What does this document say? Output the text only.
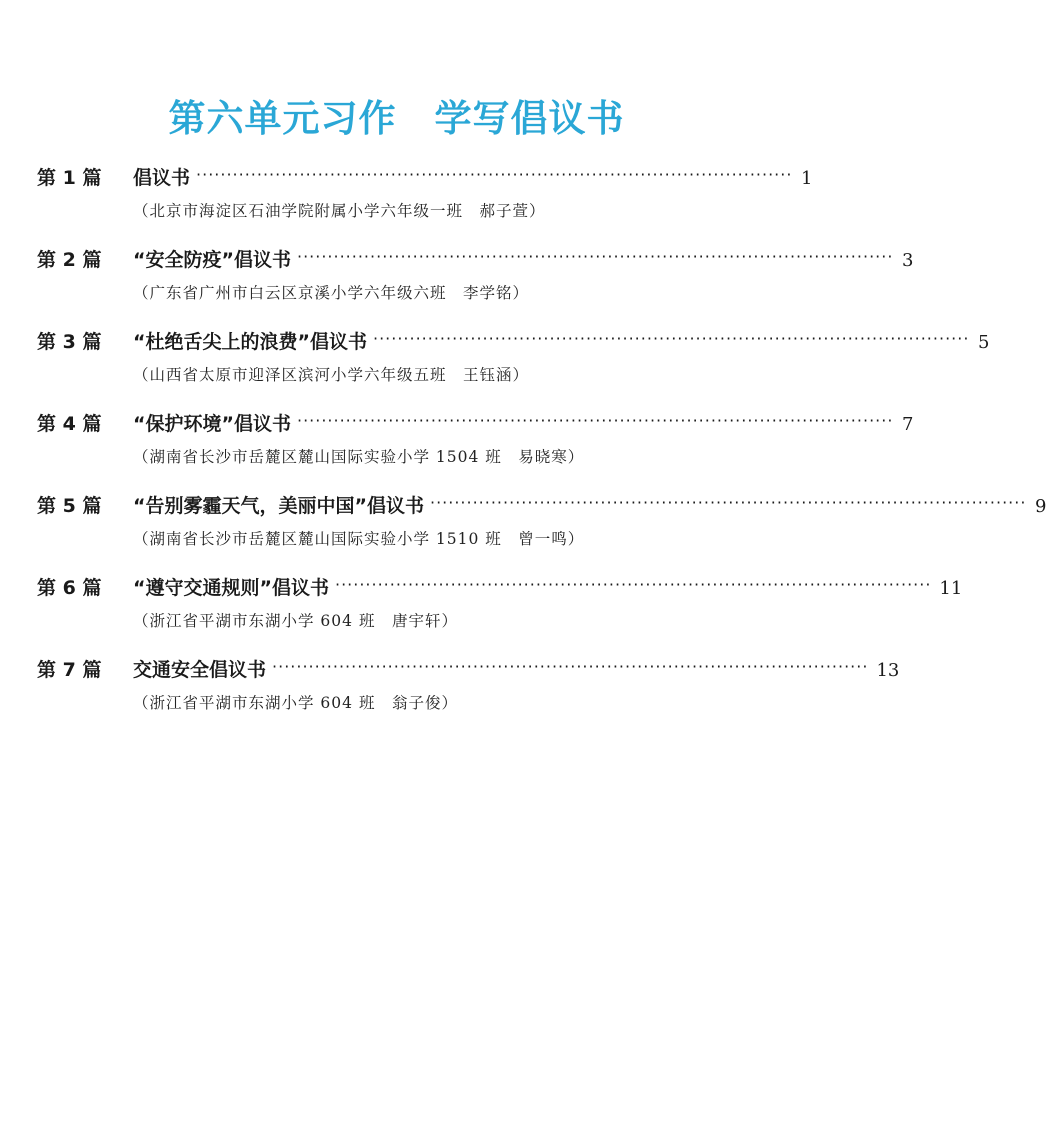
第六单元习作　学写倡议书
第 1 篇	倡议书 ·································································································· 1
（北京市海淀区石油学院附属小学六年级一班　郝子萱）
第 2 篇	“安全防疫”倡议书 ·································································································· 3
（广东省广州市白云区京溪小学六年级六班　李学铭）
第 3 篇	“杜绝舌尖上的浪费”倡议书 ·································································································· 5
（山西省太原市迎泽区滨河小学六年级五班　王钰涵）
第 4 篇	“保护环境”倡议书 ·································································································· 7
（湖南省长沙市岳麓区麓山国际实验小学 1504 班　易晓寒）
第 5 篇	“告别雾霾天气，美丽中国”倡议书 ·································································································· 9
（湖南省长沙市岳麓区麓山国际实验小学 1510 班　曾一鸣）
第 6 篇	“遵守交通规则”倡议书 ·································································································· 11
（浙江省平湖市东湖小学 604 班　唐宇轩）
第 7 篇	交通安全倡议书 ·································································································· 13
（浙江省平湖市东湖小学 604 班　翁子俊）
